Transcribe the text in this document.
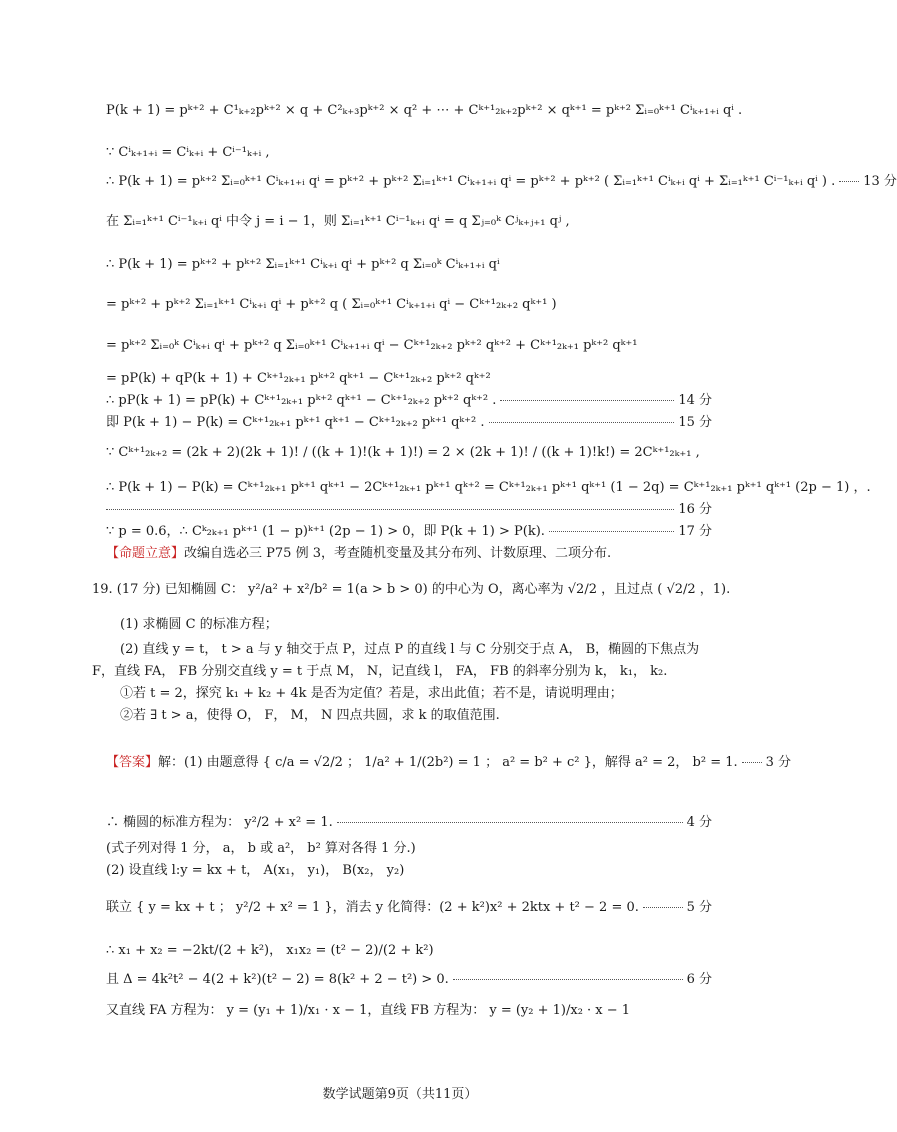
P(k + 1) = pᵏ⁺² + C¹ₖ₊₂pᵏ⁺² × q + C²ₖ₊₃pᵏ⁺² × q² + ⋯ + Cᵏ⁺¹₂ₖ₊₂pᵏ⁺² × qᵏ⁺¹ = pᵏ⁺² Σᵢ₌₀ᵏ⁺¹ Cⁱₖ₊₁₊ᵢ qⁱ .
∵ Cⁱₖ₊₁₊ᵢ = Cⁱₖ₊ᵢ + Cⁱ⁻¹ₖ₊ᵢ ,
∴ P(k + 1) = pᵏ⁺² Σᵢ₌₀ᵏ⁺¹ Cⁱₖ₊₁₊ᵢ qⁱ = pᵏ⁺² + pᵏ⁺² Σᵢ₌₁ᵏ⁺¹ Cⁱₖ₊₁₊ᵢ qⁱ = pᵏ⁺² + pᵏ⁺² ( Σᵢ₌₁ᵏ⁺¹ Cⁱₖ₊ᵢ qⁱ + Σᵢ₌₁ᵏ⁺¹ Cⁱ⁻¹ₖ₊ᵢ qⁱ ) . 13 分
在 Σᵢ₌₁ᵏ⁺¹ Cⁱ⁻¹ₖ₊ᵢ qⁱ 中令 j = i − 1，则 Σᵢ₌₁ᵏ⁺¹ Cⁱ⁻¹ₖ₊ᵢ qⁱ = q Σⱼ₌₀ᵏ Cʲₖ₊ⱼ₊₁ qʲ ,
∴ P(k + 1) = pᵏ⁺² + pᵏ⁺² Σᵢ₌₁ᵏ⁺¹ Cⁱₖ₊ᵢ qⁱ + pᵏ⁺² q Σᵢ₌₀ᵏ Cⁱₖ₊₁₊ᵢ qⁱ
= pᵏ⁺² + pᵏ⁺² Σᵢ₌₁ᵏ⁺¹ Cⁱₖ₊ᵢ qⁱ + pᵏ⁺² q ( Σᵢ₌₀ᵏ⁺¹ Cⁱₖ₊₁₊ᵢ qⁱ − Cᵏ⁺¹₂ₖ₊₂ qᵏ⁺¹ )
= pᵏ⁺² Σᵢ₌₀ᵏ Cⁱₖ₊ᵢ qⁱ + pᵏ⁺² q Σᵢ₌₀ᵏ⁺¹ Cⁱₖ₊₁₊ᵢ qⁱ − Cᵏ⁺¹₂ₖ₊₂ pᵏ⁺² qᵏ⁺² + Cᵏ⁺¹₂ₖ₊₁ pᵏ⁺² qᵏ⁺¹
= pP(k) + qP(k + 1) + Cᵏ⁺¹₂ₖ₊₁ pᵏ⁺² qᵏ⁺¹ − Cᵏ⁺¹₂ₖ₊₂ pᵏ⁺² qᵏ⁺²
∴ pP(k + 1) = pP(k) + Cᵏ⁺¹₂ₖ₊₁ pᵏ⁺² qᵏ⁺¹ − Cᵏ⁺¹₂ₖ₊₂ pᵏ⁺² qᵏ⁺² .	14 分
即 P(k + 1) − P(k) = Cᵏ⁺¹₂ₖ₊₁ pᵏ⁺¹ qᵏ⁺¹ − Cᵏ⁺¹₂ₖ₊₂ pᵏ⁺¹ qᵏ⁺² .	15 分
∵ Cᵏ⁺¹₂ₖ₊₂ = (2k + 2)(2k + 1)! / ((k + 1)!(k + 1)!) = 2 × (2k + 1)! / ((k + 1)!k!) = 2Cᵏ⁺¹₂ₖ₊₁ ,
∴ P(k + 1) − P(k) = Cᵏ⁺¹₂ₖ₊₁ pᵏ⁺¹ qᵏ⁺¹ − 2Cᵏ⁺¹₂ₖ₊₁ pᵏ⁺¹ qᵏ⁺² = Cᵏ⁺¹₂ₖ₊₁ pᵏ⁺¹ qᵏ⁺¹ (1 − 2q) = Cᵏ⁺¹₂ₖ₊₁ pᵏ⁺¹ qᵏ⁺¹ (2p − 1) ，.
16 分
∵ p = 0.6，∴ Cᵏ₂ₖ₊₁ pᵏ⁺¹ (1 − p)ᵏ⁺¹ (2p − 1) > 0，即 P(k + 1) > P(k).	17 分
【命题立意】 改编自选必三 P75 例 3，考查随机变量及其分布列、计数原理、二项分布.
19. (17 分) 已知椭圆 C： y²/a² + x²/b² = 1(a > b > 0) 的中心为 O，离心率为 √2/2 ，且过点 ( √2/2 ，1).
(1) 求椭圆 C 的标准方程；
(2) 直线 y = t， t > a 与 y 轴交于点 P，过点 P 的直线 l 与 C 分别交于点 A， B，椭圆的下焦点为
F，直线 FA， FB 分别交直线 y = t 于点 M， N，记直线 l， FA， FB 的斜率分别为 k， k₁， k₂.
①若 t = 2，探究 k₁ + k₂ + 4k 是否为定值？若是，求出此值；若不是，请说明理由；
②若 ∃ t > a，使得 O， F， M， N 四点共圆，求 k 的取值范围.
【答案】 解：(1) 由题意得 { c/a = √2/2 ； 1/a² + 1/(2b²) = 1 ； a² = b² + c² }，解得 a² = 2， b² = 1. 3 分
∴ 椭圆的标准方程为： y²/2 + x² = 1.	4 分
(式子列对得 1 分， a， b 或 a²， b² 算对各得 1 分.)
(2) 设直线 l:y = kx + t， A(x₁， y₁)， B(x₂， y₂)
联立 { y = kx + t ； y²/2 + x² = 1 }，消去 y 化简得：(2 + k²)x² + 2ktx + t² − 2 = 0.	5 分
∴ x₁ + x₂ = −2kt/(2 + k²)， x₁x₂ = (t² − 2)/(2 + k²)
且 Δ = 4k²t² − 4(2 + k²)(t² − 2) = 8(k² + 2 − t²) > 0.	6 分
又直线 FA 方程为： y = (y₁ + 1)/x₁ · x − 1，直线 FB 方程为： y = (y₂ + 1)/x₂ · x − 1
数学试题第9页（共11页）
